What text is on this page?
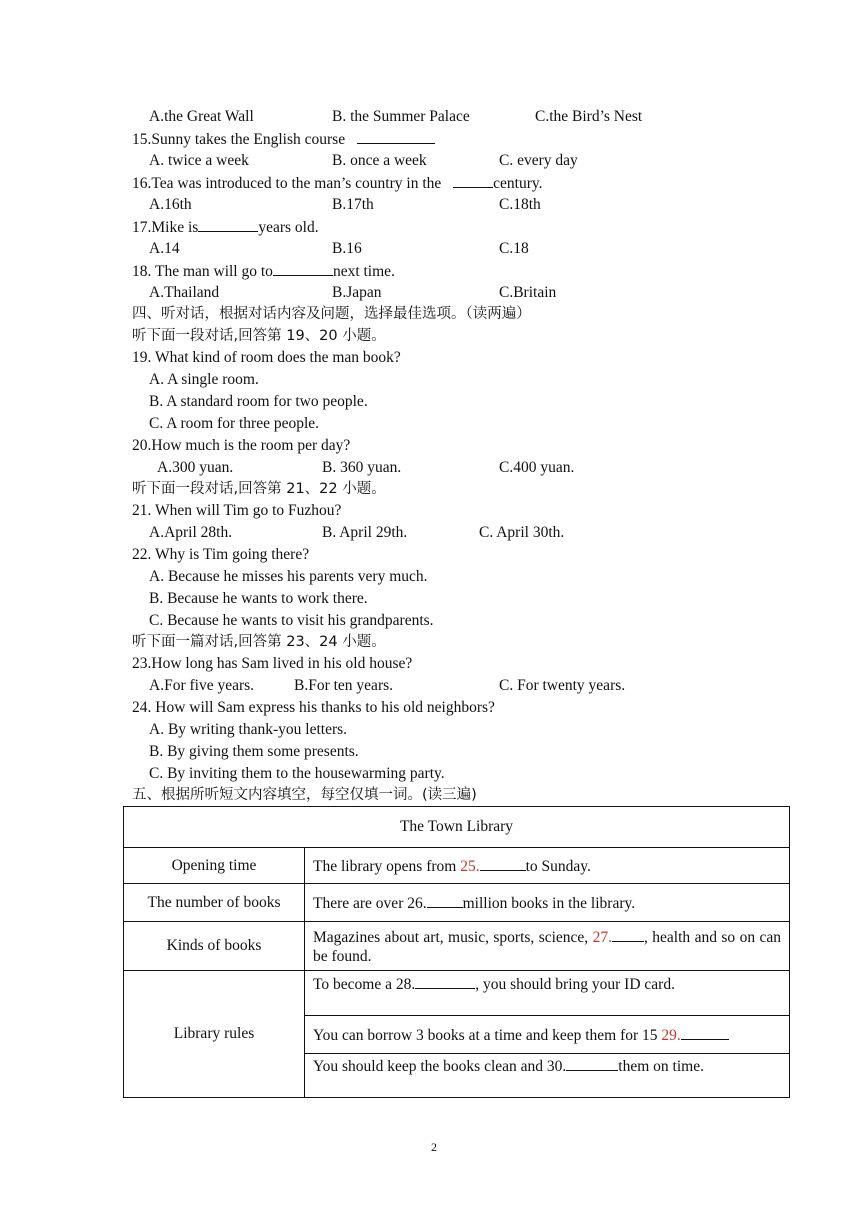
A.the Great Wall	B. the Summer Palace	C.the Bird’s Nest
15.Sunny takes the English course
A. twice a week	B. once a week	C. every day
16.Tea was introduced to the man’s country in the	century.
A.16th	B.17th	C.18th
17.Mike is	years old.
A.14	B.16	C.18
18. The man will go to	next time.
A.Thailand	B.Japan	C.Britain
四、听对话，根据对话内容及问题，选择最佳选项。（读两遍）
听下面一段对话,回答第 19、20 小题。
19. What kind of room does the man book?
A. A single room.
B. A standard room for two people.
C. A room for three people.
20.How much is the room per day?
A.300 yuan.	B. 360 yuan.	C.400 yuan.
听下面一段对话,回答第 21、22 小题。
21. When will Tim go to Fuzhou?
A.April 28th.	B. April 29th.	C. April 30th.
22. Why is Tim going there?
A. Because he misses his parents very much.
B. Because he wants to work there.
C. Because he wants to visit his grandparents.
听下面一篇对话,回答第 23、24 小题。
23.How long has Sam lived in his old house?
A.For five years.	B.For ten years.	C. For twenty years.
24. How will Sam express his thanks to his old neighbors?
A. By writing thank-you letters.
B. By giving them some presents.
C. By inviting them to the housewarming party.
五、根据所听短文内容填空，每空仅填一词。(读三遍)
The Town Library	
Opening time	The library opens from 25. to Sunday.
The number of books	There are over 26. million books in the library.
Kinds of books	Magazines about art, music, sports, science, 27. , health and so on can be found.
Library rules	To become a 28. , you should bring your ID card.
	You can borrow 3 books at a time and keep them for 15 29.
	You should keep the books clean and 30. them on time.
2
